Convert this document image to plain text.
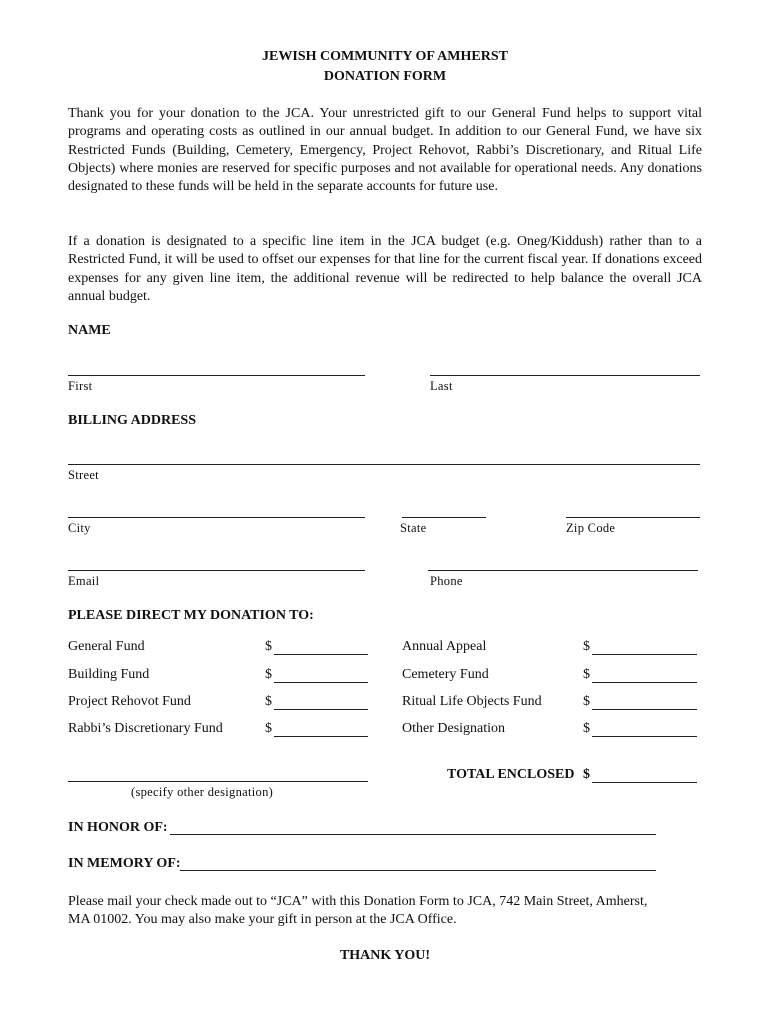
JEWISH COMMUNITY OF AMHERST
DONATION FORM

Thank you for your donation to the JCA. Your unrestricted gift to our General Fund helps to support vital programs and operating costs as outlined in our annual budget. In addition to our General Fund, we have six Restricted Funds (Building, Cemetery, Emergency, Project Rehovot, Rabbi’s Discretionary, and Ritual Life Objects) where monies are reserved for specific purposes and not available for operational needs. Any donations designated to these funds will be held in the separate accounts for future use.

If a donation is designated to a specific line item in the JCA budget (e.g. Oneg/Kiddush) rather than to a Restricted Fund, it will be used to offset our expenses for that line for the current fiscal year. If donations exceed expenses for any given line item, the additional revenue will be redirected to help balance the overall JCA annual budget.

NAME
First	Last
BILLING ADDRESS
Street
City	State	Zip Code
Email	Phone
PLEASE DIRECT MY DONATION TO:
General Fund	$
Building Fund	$
Project Rehovot Fund	$
Rabbi’s Discretionary Fund	$
Annual Appeal	$
Cemetery Fund	$
Ritual Life Objects Fund	$
Other Designation	$
(specify other designation)
TOTAL ENCLOSED $
IN HONOR OF:
IN MEMORY OF:

Please mail your check made out to “JCA” with this Donation Form to JCA, 742 Main Street, Amherst, MA 01002. You may also make your gift in person at the JCA Office.

THANK YOU!
